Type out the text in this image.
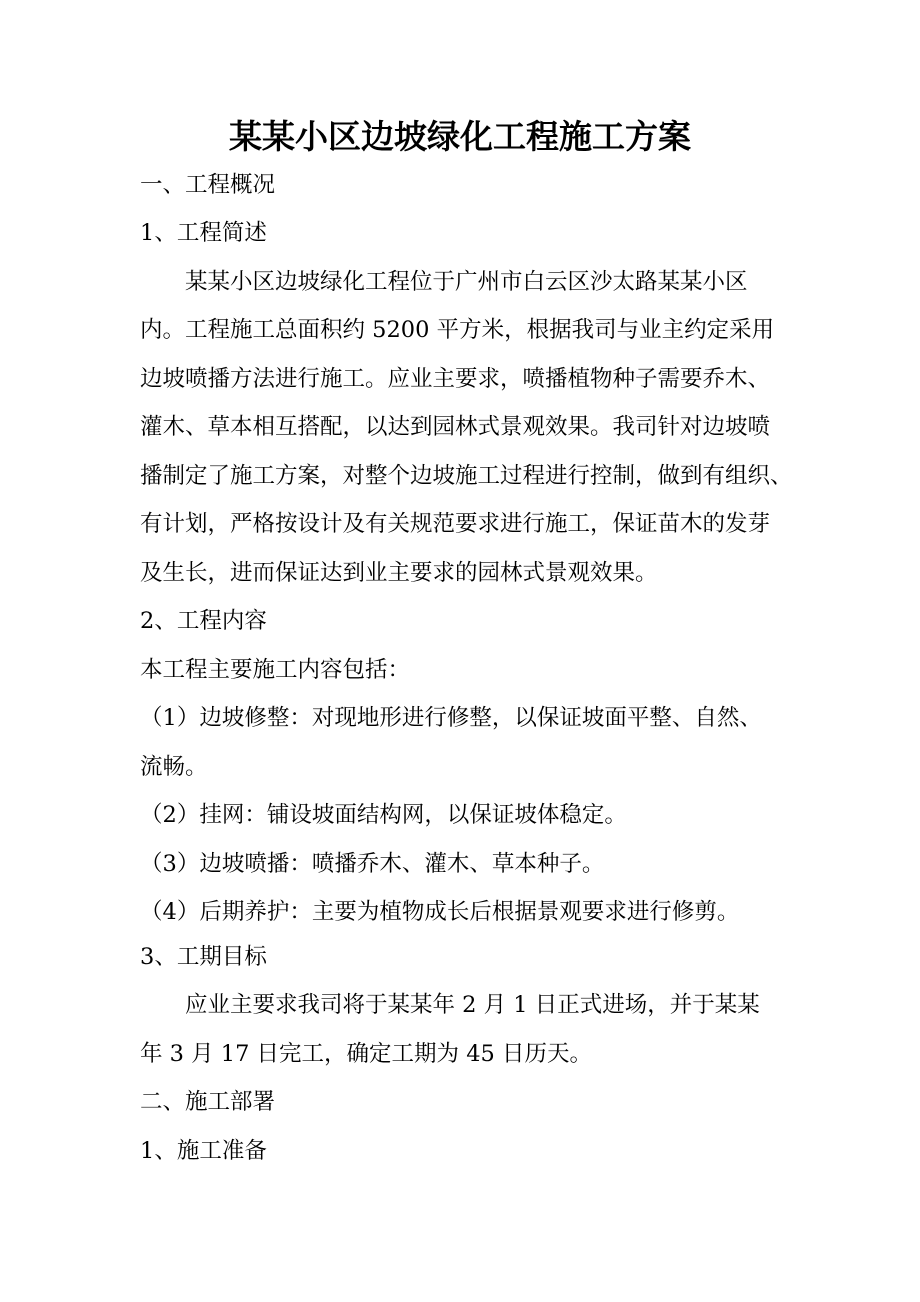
某某小区边坡绿化工程施工方案
一、工程概况
1、工程简述
某某小区边坡绿化工程位于广州市白云区沙太路某某小区
内。工程施工总面积约 5200 平方米，根据我司与业主约定采用
边坡喷播方法进行施工。应业主要求，喷播植物种子需要乔木、
灌木、草本相互搭配，以达到园林式景观效果。我司针对边坡喷
播制定了施工方案，对整个边坡施工过程进行控制，做到有组织、
有计划，严格按设计及有关规范要求进行施工，保证苗木的发芽
及生长，进而保证达到业主要求的园林式景观效果。
2、工程内容
本工程主要施工内容包括：
（1）边坡修整：对现地形进行修整，以保证坡面平整、自然、
流畅。
（2）挂网：铺设坡面结构网，以保证坡体稳定。
（3）边坡喷播：喷播乔木、灌木、草本种子。
（4）后期养护：主要为植物成长后根据景观要求进行修剪。
3、工期目标
应业主要求我司将于某某年 2 月 1 日正式进场，并于某某
年 3 月 17 日完工，确定工期为 45 日历天。
二、施工部署
1、施工准备
